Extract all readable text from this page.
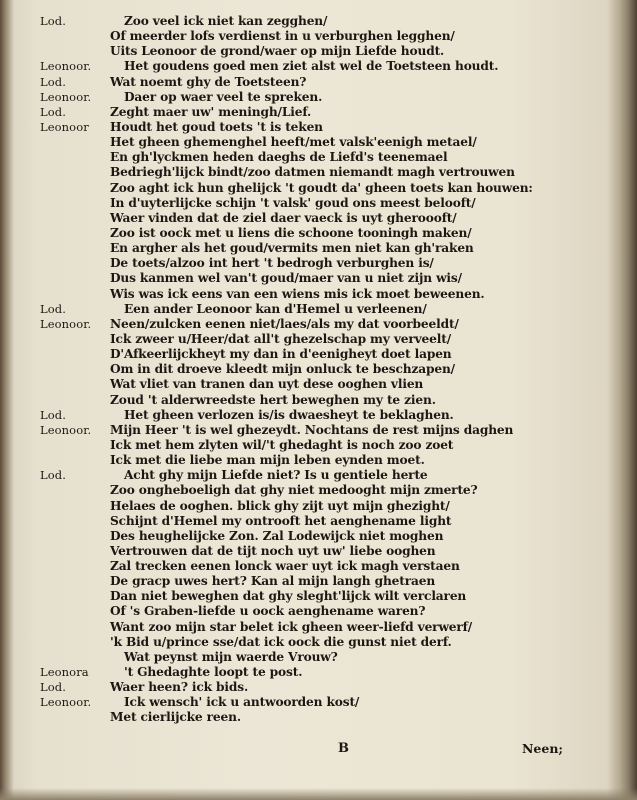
Lod.	Zoo veel ick niet kan zegghen/
Of meerder lofs verdienst in u verburghen legghen/
Uits Leonoor de grond/waer op mijn Liefde houdt.
Leonoor.	Het goudens goed men ziet alst wel de Toetsteen houdt.
Lod.	Wat noemt ghy de Toetsteen?
Leonoor.	Daer op waer veel te spreken.
Lod.	Zeght maer uw' meningh/Lief.
Leonoor Houdt het goud toets 't is teken
Het gheen ghemenghel heeft/met valsk'eenigh metael/
En gh'lyckmen heden daeghs de Liefd's teenemael
Bedriegh'lijck bindt/zoo datmen niemandt magh vertrouwen
Zoo aght ick hun ghelijck 't goudt da' gheen toets kan houwen:
In d'uyterlijcke schijn 't valsk' goud ons meest belooft/
Waer vinden dat de ziel daer vaeck is uyt gheroooft/
Zoo ist oock met u liens die schoone tooningh maken/
En argher als het goud/vermits men niet kan gh'raken
De toets/alzoo int hert 't bedrogh verburghen is/
Dus kanmen wel van't goud/maer van u niet zijn wis/
Wis was ick eens van een wiens mis ick moet beweenen.
Lod.	Een ander Leonoor kan d'Hemel u verleenen/
Leonoor. Neen/zulcken eenen niet/laes/als my dat voorbeeldt/
Ick zweer u/Heer/dat all't ghezelschap my verveelt/
D'Afkeerlijckheyt my dan in d'eenigheyt doet lapen
Om in dit droeve kleedt mijn onluck te beschzapen/
Wat vliet van tranen dan uyt dese ooghen vlien
Zoud 't alderwreedste hert beweghen my te zien.
Lod.	Het gheen verlozen is/is dwaesheyt te beklaghen.
Leonoor. Mijn Heer 't is wel ghezeydt. Nochtans de rest mijns daghen
Ick met hem zlyten wil/'t ghedaght is noch zoo zoet
Ick met die liebe man mijn leben eynden moet.
Lod.	Acht ghy mijn Liefde niet? Is u gentiele herte
Zoo ongheboeligh dat ghy niet medooght mijn zmerte?
Helaes de ooghen. blick ghy zijt uyt mijn ghezight/
Schijnt d'Hemel my ontrooft het aenghename light
Des heughelijcke Zon. Zal Lodewijck niet moghen
Vertrouwen dat de tijt noch uyt uw' liebe ooghen
Zal trecken eenen lonck waer uyt ick magh verstaen
De gracp uwes hert? Kan al mijn langh ghetraen
Dan niet beweghen dat ghy sleght'lijck wilt verclaren
Of 's Graben-liefde u oock aenghename waren?
Want zoo mijn star belet ick gheen weer-liefd verwerf/
'k Bid u/prince sse/dat ick oock die gunst niet derf.
Wat peynst mijn waerde Vrouw?
Leonora	't Ghedaghte loopt te post.
Lod.	Waer heen? ick bids.
Leonoor.	Ick wensch' ick u antwoorden kost/
Met cierlijcke reen.
B	Neen;
